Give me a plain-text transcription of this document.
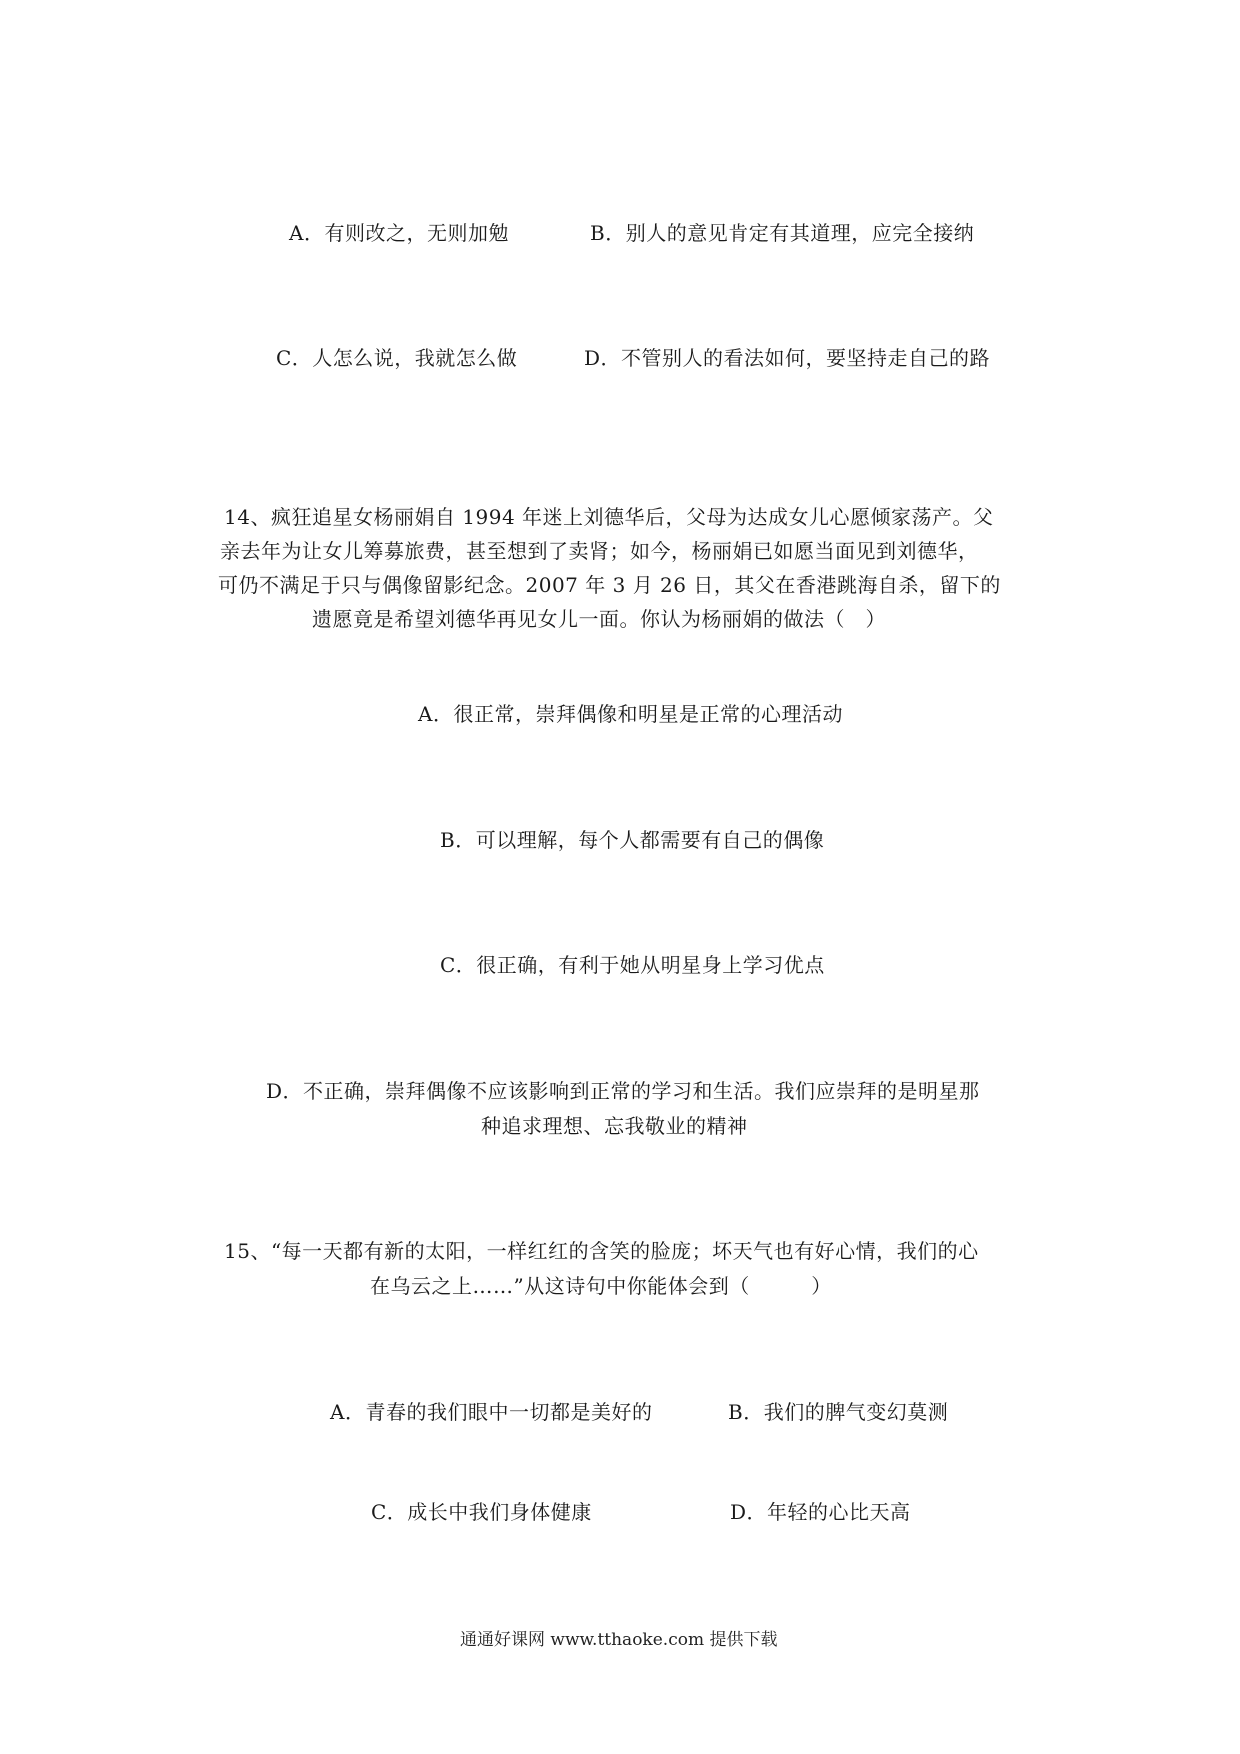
A．有则改之，无则加勉	B．别人的意见肯定有其道理，应完全接纳
C．人怎么说，我就怎么做	D．不管别人的看法如何，要坚持走自己的路
14、疯狂追星女杨丽娟自 1994 年迷上刘德华后，父母为达成女儿心愿倾家荡产。父
亲去年为让女儿筹募旅费，甚至想到了卖肾；如今，杨丽娟已如愿当面见到刘德华，
可仍不满足于只与偶像留影纪念。2007 年 3 月 26 日，其父在香港跳海自杀，留下的
遗愿竟是希望刘德华再见女儿一面。你认为杨丽娟的做法（　）
A．很正常，崇拜偶像和明星是正常的心理活动
B．可以理解，每个人都需要有自己的偶像
C．很正确，有利于她从明星身上学习优点
D．不正确，崇拜偶像不应该影响到正常的学习和生活。我们应崇拜的是明星那
种追求理想、忘我敬业的精神
15、“每一天都有新的太阳，一样红红的含笑的脸庞；坏天气也有好心情，我们的心
在乌云之上……”从这诗句中你能体会到（　　　）
A．青春的我们眼中一切都是美好的	B．我们的脾气变幻莫测
C．成长中我们身体健康	D．年轻的心比天高
通通好课网 www.tthaoke.com 提供下载
